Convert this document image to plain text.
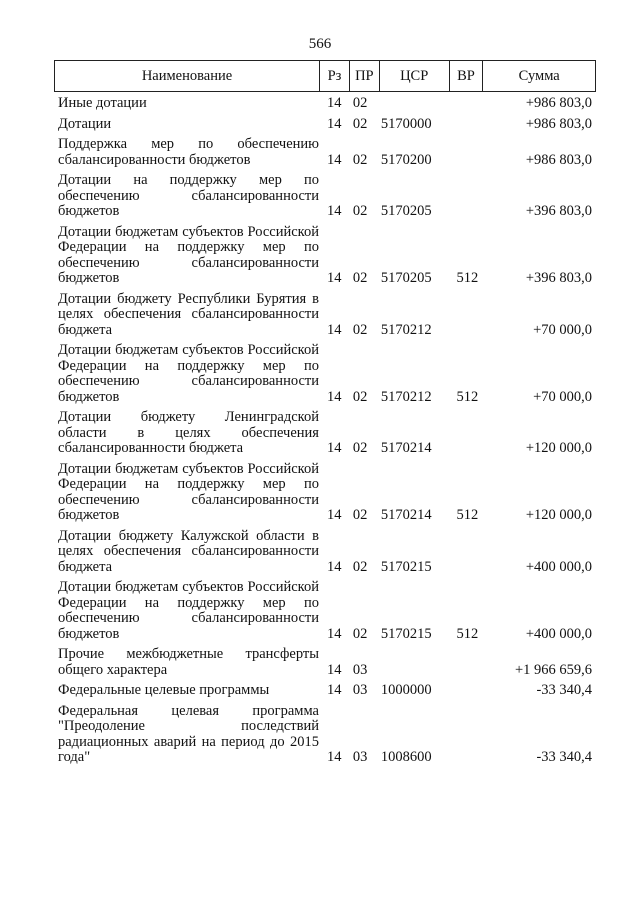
566
Наименование	Рз ПР	ЦСР	ВР	Сумма
Иные дотации	14 02	+986 803,0
Дотации	14 02 5170000	+986 803,0
Поддержка мер по обеспечению сбалансированности бюджетов	14 02 5170200	+986 803,0
Дотации на поддержку мер по обеспечению сбалансированности бюджетов	14 02 5170205	+396 803,0
Дотации бюджетам субъектов Российской Федерации на поддержку мер по обеспечению сбалансированности бюджетов	14 02 5170205	512	+396 803,0
Дотации бюджету Республики Бурятия в целях обеспечения сбалансированности бюджета	14 02 5170212	+70 000,0
Дотации бюджетам субъектов Российской Федерации на поддержку мер по обеспечению сбалансированности бюджетов	14 02 5170212	512	+70 000,0
Дотации бюджету Ленинградской области в целях обеспечения сбалансированности бюджета	14 02 5170214	+120 000,0
Дотации бюджетам субъектов Российской Федерации на поддержку мер по обеспечению сбалансированности бюджетов	14 02 5170214	512	+120 000,0
Дотации бюджету Калужской области в целях обеспечения сбалансированности бюджета	14 02 5170215	+400 000,0
Дотации бюджетам субъектов Российской Федерации на поддержку мер по обеспечению сбалансированности бюджетов	14 02 5170215	512	+400 000,0
Прочие межбюджетные трансферты общего характера	14 03	+1 966 659,6
Федеральные целевые программы	14 03 1000000	-33 340,4
Федеральная целевая программа "Преодоление последствий радиационных аварий на период до 2015 года"	14 03 1008600	-33 340,4
